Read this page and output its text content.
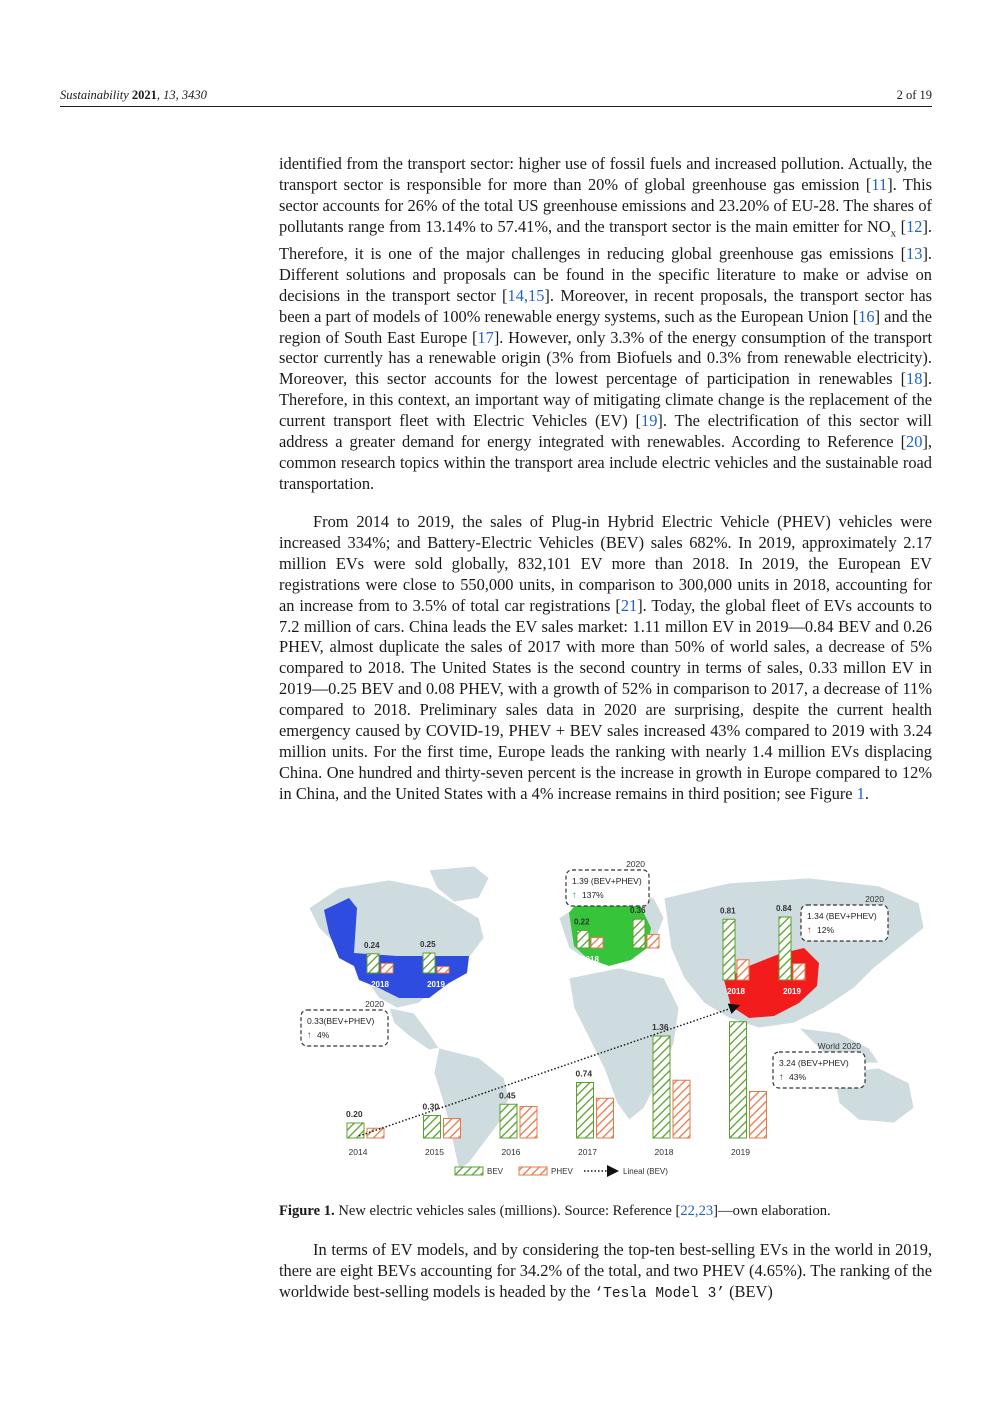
Sustainability 2021, 13, 3430	2 of 19

identified from the transport sector: higher use of fossil fuels and increased pollution. Actually, the transport sector is responsible for more than 20% of global greenhouse gas emission [11]. This sector accounts for 26% of the total US greenhouse emissions and 23.20% of EU-28. The shares of pollutants range from 13.14% to 57.41%, and the transport sector is the main emitter for $NO_x$ [12]. Therefore, it is one of the major challenges in reducing global greenhouse gas emissions [13]. Different solutions and proposals can be found in the specific literature to make or advise on decisions in the transport sector [14,15]. Moreover, in recent proposals, the transport sector has been a part of models of 100% renewable energy systems, such as the European Union [16] and the region of South East Europe [17]. However, only 3.3% of the energy consumption of the transport sector currently has a renewable origin (3% from Biofuels and 0.3% from renewable electricity). Moreover, this sector accounts for the lowest percentage of participation in renewables [18]. Therefore, in this context, an important way of mitigating climate change is the replacement of the current transport fleet with Electric Vehicles (EV) [19]. The electrification of this sector will address a greater demand for energy integrated with renewables. According to Reference [20], common research topics within the transport area include electric vehicles and the sustainable road transportation.

From 2014 to 2019, the sales of Plug-in Hybrid Electric Vehicle (PHEV) vehicles were increased 334%; and Battery-Electric Vehicles (BEV) sales 682%. In 2019, approximately 2.17 million EVs were sold globally, 832,101 EV more than 2018. In 2019, the European EV registrations were close to 550,000 units, in comparison to 300,000 units in 2018, accounting for an increase from to 3.5% of total car registrations [21]. Today, the global fleet of EVs accounts to 7.2 million of cars. China leads the EV sales market: 1.11 millon EV in 2019—0.84 BEV and 0.26 PHEV, almost duplicate the sales of 2017 with more than 50% of world sales, a decrease of 5% compared to 2018. The United States is the second country in terms of sales, 0.33 millon EV in 2019—0.25 BEV and 0.08 PHEV, with a growth of 52% in comparison to 2017, a decrease of 11% compared to 2018. Preliminary sales data in 2020 are surprising, despite the current health emergency caused by COVID-19, PHEV + BEV sales increased 43% compared to 2019 with 3.24 million units. For the first time, Europe leads the ranking with nearly 1.4 million EVs displacing China. One hundred and thirty-seven percent is the increase in growth in Europe compared to 12% in China, and the United States with a 4% increase remains in third position; see Figure 1.

0.20
2014
0.30
2015
0.45
2016
0.74
2017
1.36
2018	2019
0.24
2018
0.25
2019
0.22
2018
0.36
2019
0.81
2018
0.84
2019
2020
0.33(BEV+PHEV)
↑ 4%
2020
1.39 (BEV+PHEV)
↑ 137%	2020
1.34 (BEV+PHEV)
↑ 12%
World 2020
3.24 (BEV+PHEV)
↑ 43%
BEV	PHEV	Lineal (BEV)
Figure 1. New electric vehicles sales (millions). Source: Reference [22,23]—own elaboration.

In terms of EV models, and by considering the top-ten best-selling EVs in the world in 2019, there are eight BEVs accounting for 34.2% of the total, and two PHEV (4.65%). The ranking of the worldwide best-selling models is headed by the ‘Tesla Model 3’ (BEV)
